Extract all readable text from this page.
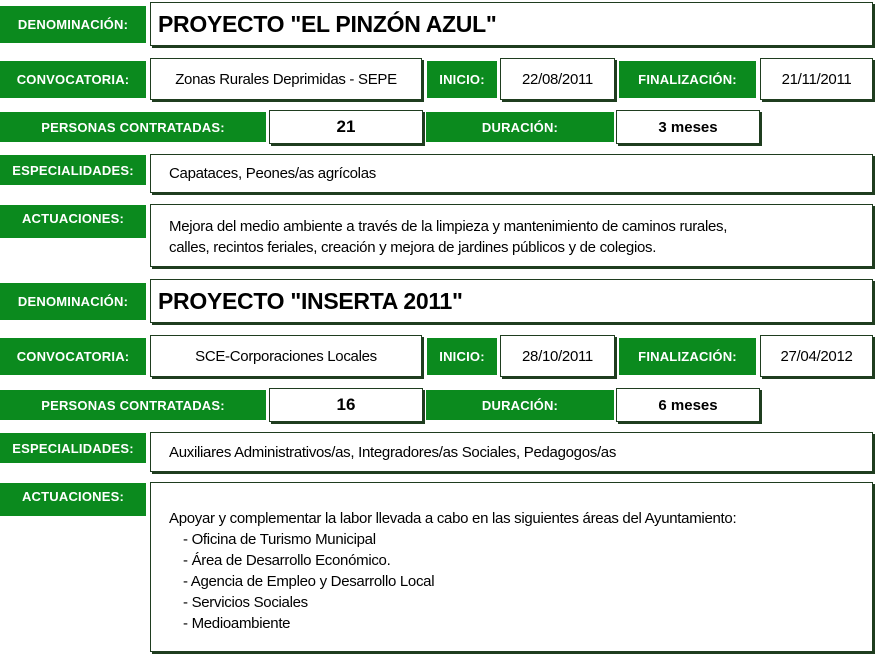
DENOMINACIÓN:	PROYECTO "EL PINZÓN AZUL"
CONVOCATORIA:	Zonas Rurales Deprimidas - SEPE	INICIO:	22/08/2011	FINALIZACIÓN:	21/11/2011
PERSONAS CONTRATADAS:	21	DURACIÓN:	3 meses
ESPECIALIDADES:	Capataces, Peones/as agrícolas
ACTUACIONES:	Mejora del medio ambiente a través de la limpieza y mantenimiento de caminos rurales,
calles, recintos feriales, creación y mejora de jardines públicos y de colegios.
DENOMINACIÓN:	PROYECTO "INSERTA 2011"
CONVOCATORIA:	SCE-Corporaciones Locales	INICIO:	28/10/2011	FINALIZACIÓN:	27/04/2012
PERSONAS CONTRATADAS:	16	DURACIÓN:	6 meses
ESPECIALIDADES:	Auxiliares Administrativos/as, Integradores/as Sociales, Pedagogos/as
ACTUACIONES:
Apoyar y complementar la labor llevada a cabo en las siguientes áreas del Ayuntamiento:
- Oficina de Turismo Municipal
- Área de Desarrollo Económico.
- Agencia de Empleo y Desarrollo Local
- Servicios Sociales
- Medioambiente
